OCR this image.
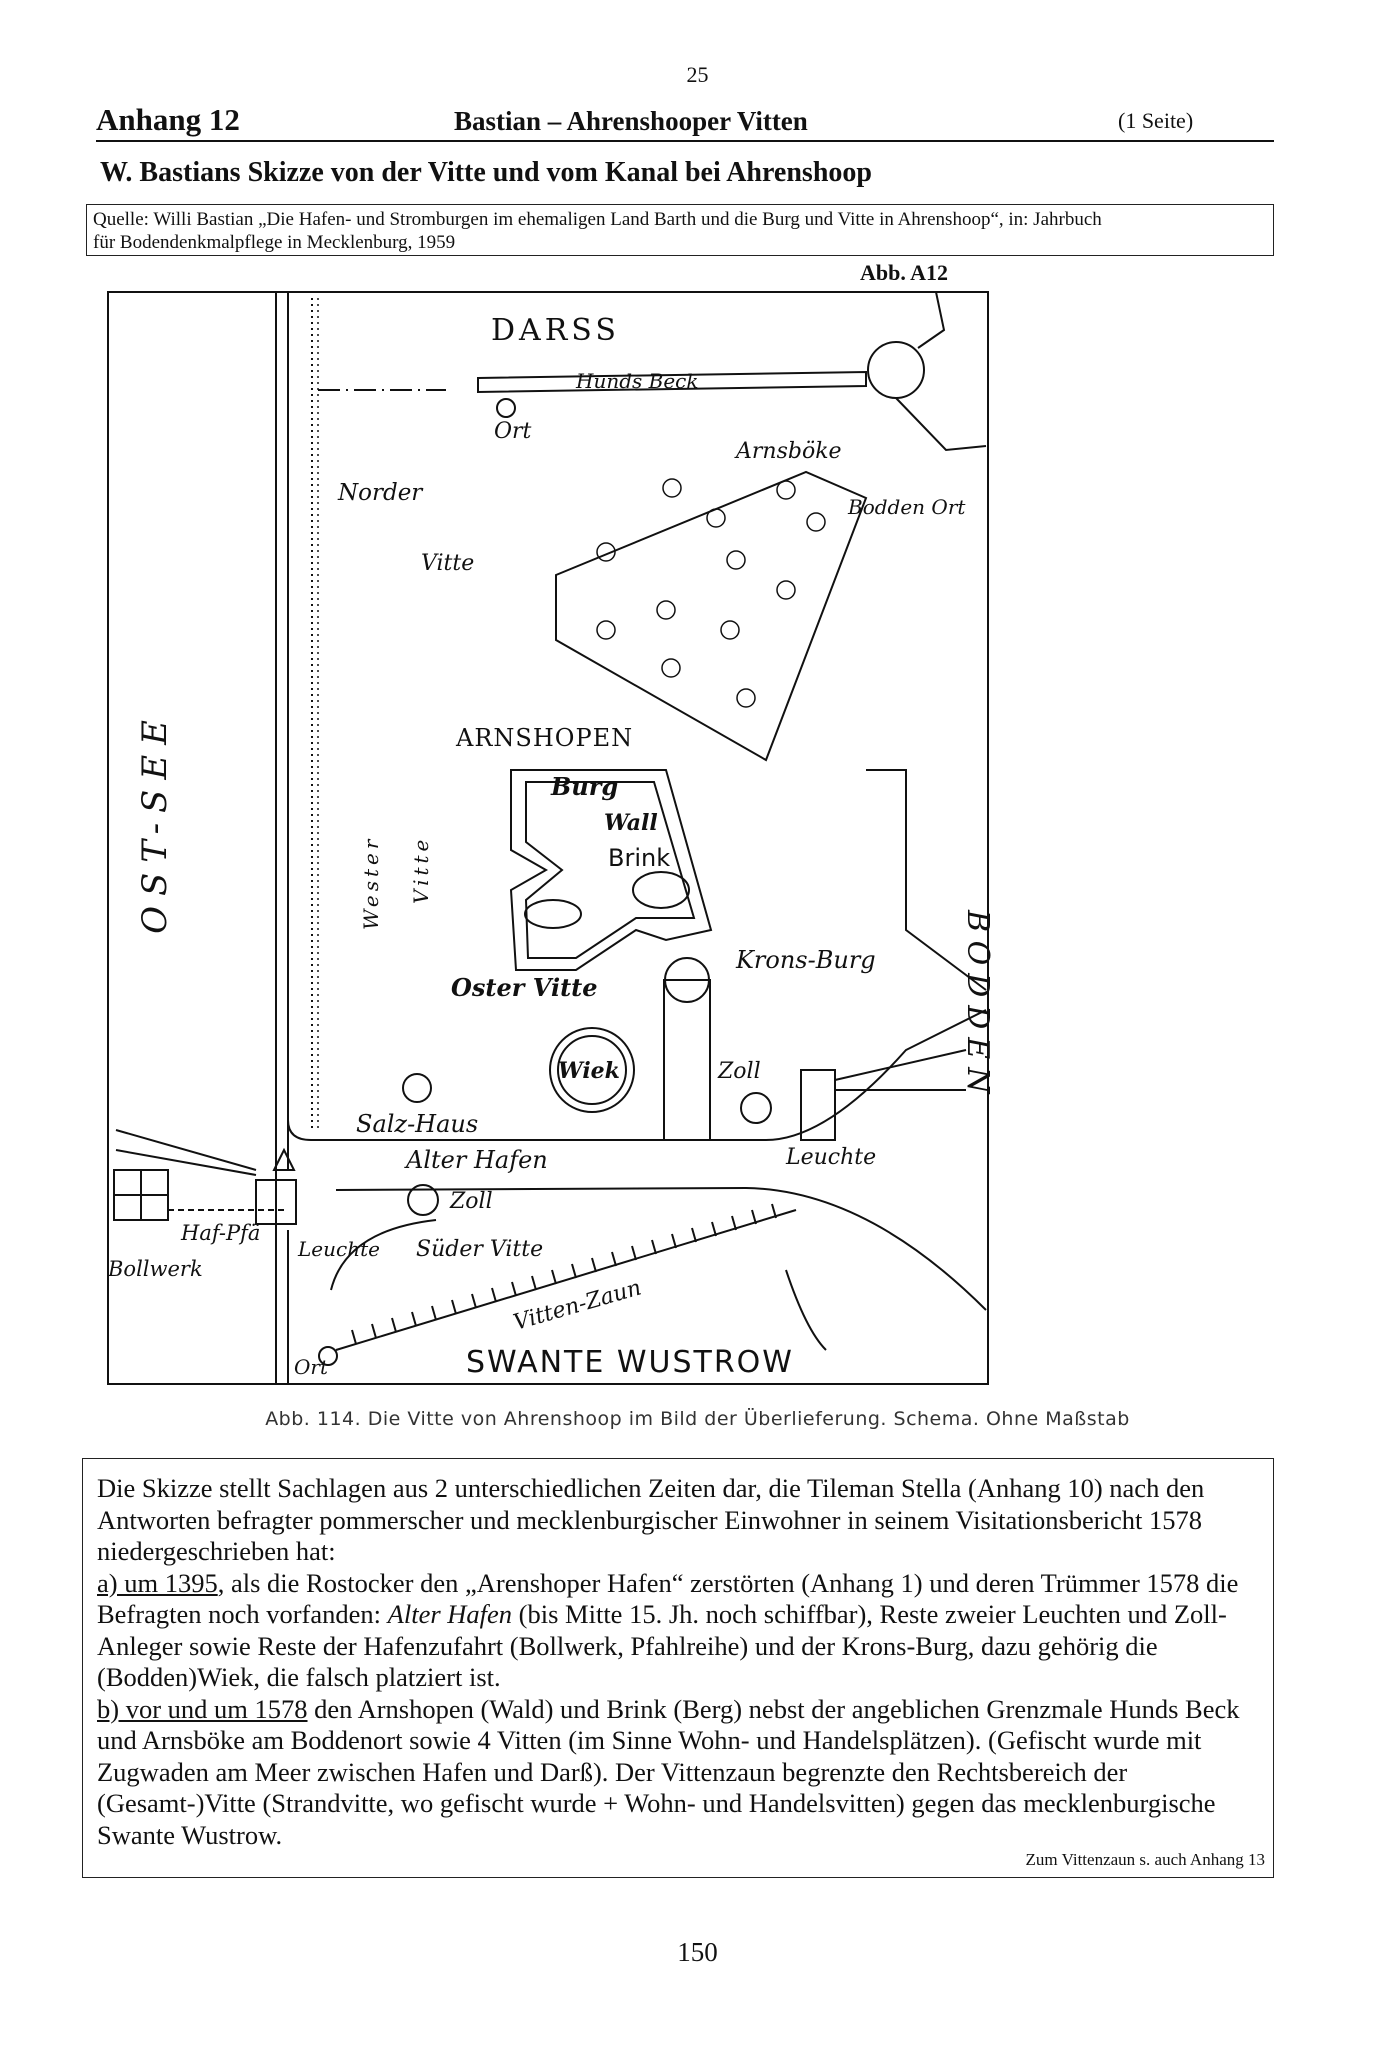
25
Anhang 12	Bastian – Ahrenshooper Vitten	(1 Seite)
W. Bastians Skizze von der Vitte und vom Kanal bei Ahrenshoop
Quelle: Willi Bastian „Die Hafen- und Stromburgen im ehemaligen Land Barth und die Burg und Vitte in Ahrenshoop“, in: Jahrbuch
für Bodendenkmalpflege in Mecklenburg, 1959
Abb. A12
DARSS
Hunds Beck
Ort
Arnsböke
Bodden Ort
Norder
Vitte
ARNSHOPEN
Burg
Wall
Brink
Krons-Burg
Oster Vitte
Wiek	Zoll
Salz-Haus
Alter Hafen	Leuchte
Zoll
Haf-Pfä
Bollwerk
Leuchte Süder Vitte
Vitten-Zaun
Ort	SWANTE WUSTROW
OST-SEE	Wester Vitte
BODDEN
Abb. 114. Die Vitte von Ahrenshoop im Bild der Überlieferung. Schema. Ohne Maßstab

Die Skizze stellt Sachlagen aus 2 unterschiedlichen Zeiten dar, die Tileman Stella (Anhang 10) nach den Antworten befragter pommerscher und mecklenburgischer Einwohner in seinem Visitationsbericht 1578 niedergeschrieben hat:

a) um 1395, als die Rostocker den „Arenshoper Hafen“ zerstörten (Anhang 1) und deren Trümmer 1578 die Befragten noch vorfanden: Alter Hafen (bis Mitte 15. Jh. noch schiffbar), Reste zweier Leuchten und Zoll-Anleger sowie Reste der Hafenzufahrt (Bollwerk, Pfahlreihe) und der Krons-Burg, dazu gehörig die (Bodden)Wiek, die falsch platziert ist.

b) vor und um 1578 den Arnshopen (Wald) und Brink (Berg) nebst der angeblichen Grenzmale Hunds Beck und Arnsböke am Boddenort sowie 4 Vitten (im Sinne Wohn- und Handelsplätzen). (Gefischt wurde mit Zugwaden am Meer zwischen Hafen und Darß). Der Vittenzaun begrenzte den Rechtsbereich der (Gesamt-)Vitte (Strandvitte, wo gefischt wurde + Wohn- und Handelsvitten) gegen das mecklenburgische Swante Wustrow.

Zum Vittenzaun s. auch Anhang 13
150
